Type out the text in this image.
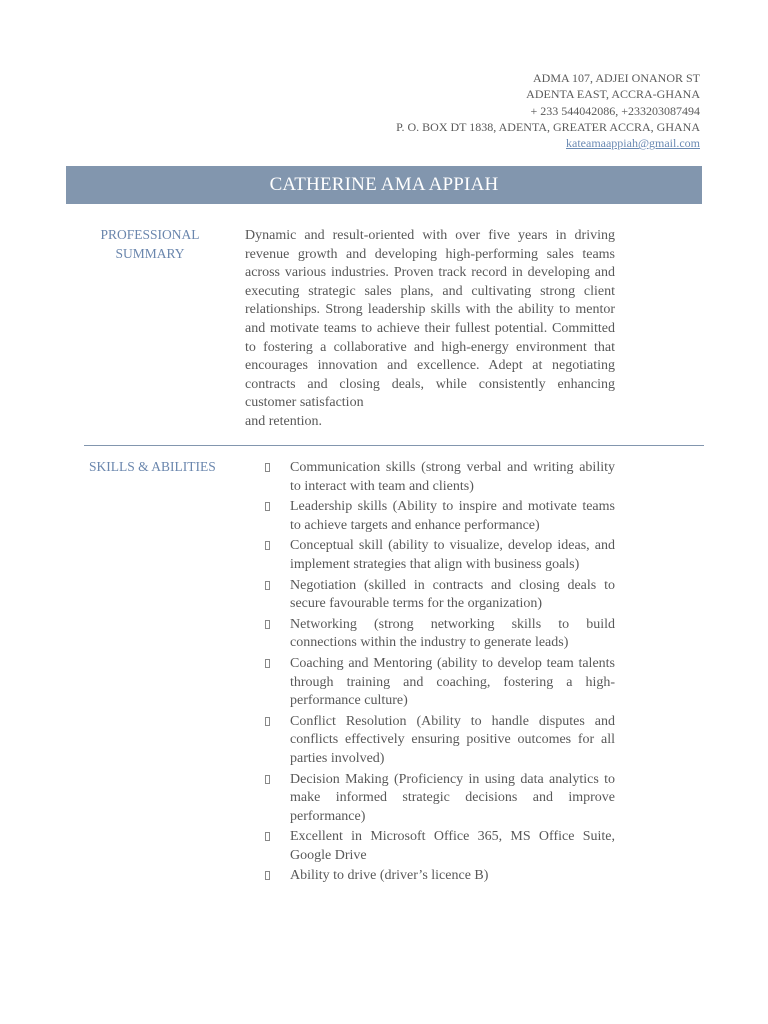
ADMA 107, ADJEI ONANOR ST
ADENTA EAST, ACCRA-GHANA
+ 233 544042086, +233203087494
P. O. BOX DT 1838, ADENTA, GREATER ACCRA, GHANA
kateamaappiah@gmail.com
CATHERINE AMA APPIAH
PROFESSIONAL
SUMMARY

Dynamic and result-oriented with over five years in driving revenue growth and developing high-performing sales teams across various industries. Proven track record in developing and executing strategic sales plans, and cultivating strong client relationships. Strong leadership skills with the ability to mentor and motivate teams to achieve their fullest potential. Committed to fostering a collaborative and high-energy environment that encourages innovation and excellence. Adept at negotiating contracts and closing deals, while consistently enhancing customer satisfaction

and retention.

SKILLS & ABILITIES	Communication skills (strong verbal and writing ability to interact with team and clients)
Leadership skills (Ability to inspire and motivate teams to achieve targets and enhance performance)
Conceptual skill (ability to visualize, develop ideas, and implement strategies that align with business goals)
Negotiation (skilled in contracts and closing deals to secure favourable terms for the organization)
Networking (strong networking skills to build connections within the industry to generate leads)
Coaching and Mentoring (ability to develop team talents through training and coaching, fostering a high-performance culture)
Conflict Resolution (Ability to handle disputes and conflicts effectively ensuring positive outcomes for all parties involved)
Decision Making (Proficiency in using data analytics to make informed strategic decisions and improve performance)
Excellent in Microsoft Office 365, MS Office Suite, Google Drive
Ability to drive (driver’s licence B)
